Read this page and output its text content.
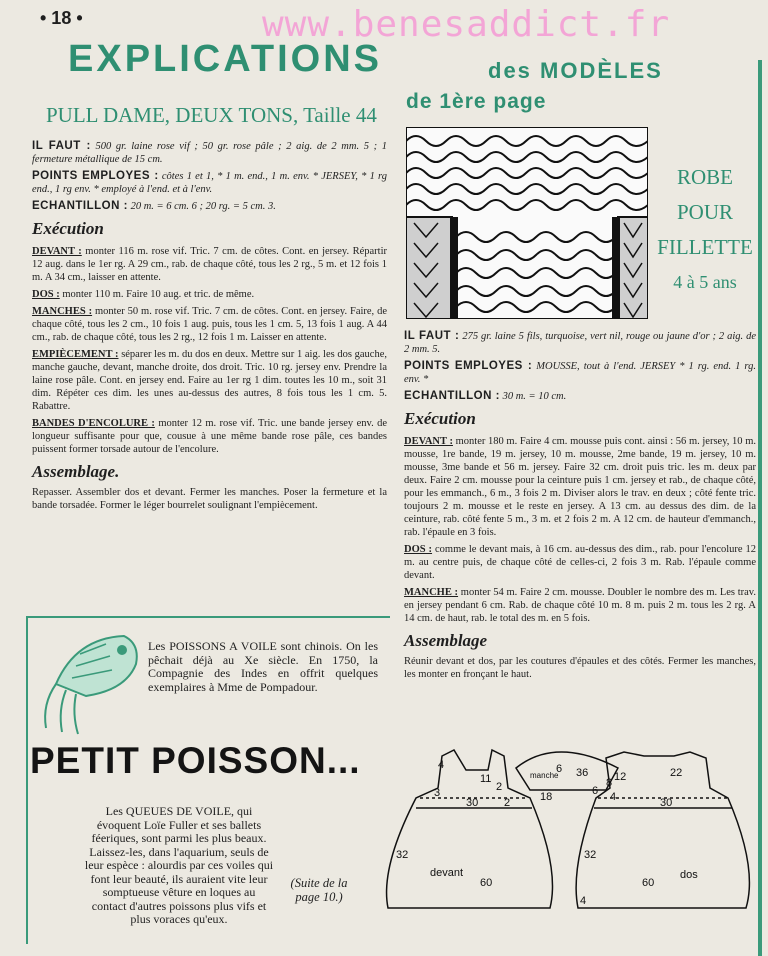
• 18 •	www.benesaddict.fr
EXPLICATIONS	des MODÈLES
de 1ère page
PULL DAME, DEUX TONS, Taille 44

IL FAUT : 500 gr. laine rose vif ; 50 gr. rose pâle ; 2 aig. de 2 mm. 5 ; 1 fermeture métallique de 15 cm.

POINTS EMPLOYES : côtes 1 et 1, * 1 m. end., 1 m. env. * JERSEY, * 1 rg end., 1 rg env. * employé à l'end. et à l'env.

ECHANTILLON : 20 m. = 6 cm. 6 ; 20 rg. = 5 cm. 3.

Exécution

DEVANT : monter 116 m. rose vif. Tric. 7 cm. de côtes. Cont. en jersey. Répartir 12 aug. dans le 1er rg. A 29 cm., rab. de chaque côté, tous les 2 rg., 5 m. et 12 fois 1 m. A 34 cm., laisser en attente.

DOS : monter 110 m. Faire 10 aug. et tric. de même.

MANCHES : monter 50 m. rose vif. Tric. 7 cm. de côtes. Cont. en jersey. Faire, de chaque côté, tous les 2 cm., 10 fois 1 aug. puis, tous les 1 cm. 5, 13 fois 1 aug. A 44 cm., rab. de chaque côté, tous les 2 rg., 12 fois 1 m. Laisser en attente.

EMPIÈCEMENT : séparer les m. du dos en deux. Mettre sur 1 aig. les dos gauche, manche gauche, devant, manche droite, dos droit. Tric. 10 rg. jersey env. Prendre la laine rose pâle. Cont. en jersey end. Faire au 1er rg 1 dim. toutes les 10 m., soit 31 dim. Répéter ces dim. les unes au-dessus des autres, 8 fois tous les 1 cm. 5. Rabattre.

BANDES D'ENCOLURE : monter 12 m. rose vif. Tric. une bande jersey env. de longueur suffisante pour que, cousue à une même bande rose pâle, ces bandes puissent former torsade autour de l'encolure.

Assemblage.

Repasser. Assembler dos et devant. Fermer les manches. Poser la fermeture et la bande torsadée. Former le léger bourrelet soulignant l'empiècement.

ROBE
POUR
FILLETTE
4 à 5 ans

IL FAUT : 275 gr. laine 5 fils, turquoise, vert nil, rouge ou jaune d'or ; 2 aig. de 2 mm. 5.

POINTS EMPLOYES : MOUSSE, tout à l'end. JERSEY * 1 rg. end. 1 rg. env. *

ECHANTILLON : 30 m. = 10 cm.

Exécution

DEVANT : monter 180 m. Faire 4 cm. mousse puis cont. ainsi : 56 m. jersey, 10 m. mousse, 1re bande, 19 m. jersey, 10 m. mousse, 2me bande, 19 m. jersey, 10 m. mousse, 3me bande et 56 m. jersey. Faire 32 cm. droit puis tric. les m. deux par deux. Faire 2 cm. mousse pour la ceinture puis 1 cm. jersey et rab., de chaque côté, pour les emmanch., 6 m., 3 fois 2 m. Diviser alors le trav. en deux ; côté fente tric. toujours 2 m. mousse et le reste en jersey. A 13 cm. au dessus des dim. de la ceinture, rab. côté fente 5 m., 3 m. et 2 fois 2 m. A 12 cm. de hauteur d'emmanch., rab. l'épaule en 3 fois.

DOS : comme le devant mais, à 16 cm. au-dessus des dim., rab. pour l'encolure 12 m. au centre puis, de chaque côté de celles-ci, 2 fois 3 m. Rab. l'épaule comme devant.

MANCHE : monter 54 m. Faire 2 cm. mousse. Doubler le nombre des m. Les trav. en jersey pendant 6 cm. Rab. de chaque côté 10 m. 8 m. puis 2 m. tous les 2 rg. A 14 cm. de haut, rab. le total des m. en 5 fois.

Assemblage

Réunir devant et dos, par les coutures d'épaules et des côtés. Fermer les manches, les monter en fronçant le haut.

Les POISSONS A VOILE sont chinois. On les pêchait déjà au Xe siècle. En 1750, la Compagnie des Indes en offrit quelques exemplaires à Mme de Pompadour.
PETIT POISSON...
Les QUEUES DE VOILE, qui évoquent Loïe Fuller et ses ballets féeriques, sont parmi les plus beaux. Laissez-les, dans l'aquarium, seuls de leur espèce : alourdis par ces voiles qui font leur beauté, ils auraient vite leur somptueuse vêture en loques au contact d'autres poissons plus vifs et plus voraces qu'eux.
(Suite de la page 10.)
4
11
2
3
30 2
32
devant
60
6 36
manche
18	6
8 12	22
4	30
32
dos
60
4
